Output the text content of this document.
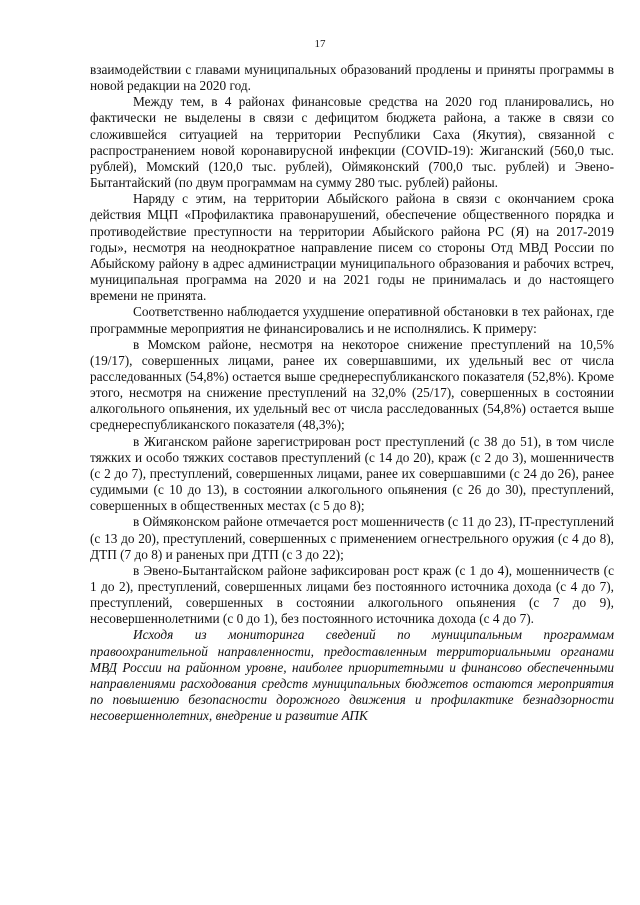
17

взаимодействии с главами муниципальных образований продлены и приняты программы в новой редакции на 2020 год.

Между тем, в 4 районах финансовые средства на 2020 год планировались, но фактически не выделены в связи с дефицитом бюджета района, а также в связи со сложившейся ситуацией на территории Республики Саха (Якутия), связанной с распространением новой коронавирусной инфекции (COVID-19): Жиганский (560,0 тыс. рублей), Момский (120,0 тыс. рублей), Оймяконский (700,0 тыс. рублей) и Эвено-Бытантайский (по двум программам на сумму 280 тыс. рублей) районы.

Наряду с этим, на территории Абыйского района в связи с окончанием срока действия МЦП «Профилактика правонарушений, обеспечение общественного порядка и противодействие преступности на территории Абыйского района РС (Я) на 2017-2019 годы», несмотря на неоднократное направление писем со стороны Отд МВД России по Абыйскому району в адрес администрации муниципального образования и рабочих встреч, муниципальная программа на 2020 и на 2021 годы не принималась и до настоящего времени не принята.

Соответственно наблюдается ухудшение оперативной обстановки в тех районах, где программные мероприятия не финансировались и не исполнялись. К примеру:

в Момском районе, несмотря на некоторое снижение преступлений на 10,5% (19/17), совершенных лицами, ранее их совершавшими, их удельный вес от числа расследованных (54,8%) остается выше среднереспубликанского показателя (52,8%). Кроме этого, несмотря на снижение преступлений на 32,0% (25/17), совершенных в состоянии алкогольного опьянения, их удельный вес от числа расследованных (54,8%) остается выше среднереспубликанского показателя (48,3%);

в Жиганском районе зарегистрирован рост преступлений (с 38 до 51), в том числе тяжких и особо тяжких составов преступлений (с 14 до 20), краж (с 2 до 3), мошенничеств (с 2 до 7), преступлений, совершенных лицами, ранее их совершавшими (с 24 до 26), ранее судимыми (с 10 до 13), в состоянии алкогольного опьянения (с 26 до 30), преступлений, совершенных в общественных местах (с 5 до 8);

в Оймяконском районе отмечается рост мошенничеств (с 11 до 23), IT-преступлений (с 13 до 20), преступлений, совершенных с применением огнестрельного оружия (с 4 до 8), ДТП (7 до 8) и раненых при ДТП (с 3 до 22);

в Эвено-Бытантайском районе зафиксирован рост краж (с 1 до 4), мошенничеств (с 1 до 2), преступлений, совершенных лицами без постоянного источника дохода (с 4 до 7), преступлений, совершенных в состоянии алкогольного опьянения (с 7 до 9), несовершеннолетними (с 0 до 1), без постоянного источника дохода (с 4 до 7).

Исходя из мониторинга сведений по муниципальным программам правоохранительной направленности, предоставленным территориальными органами МВД России на районном уровне, наиболее приоритетными и финансово обеспеченными направлениями расходования средств муниципальных бюджетов остаются мероприятия по повышению безопасности дорожного движения и профилактике безнадзорности несовершеннолетних, внедрение и развитие АПК
